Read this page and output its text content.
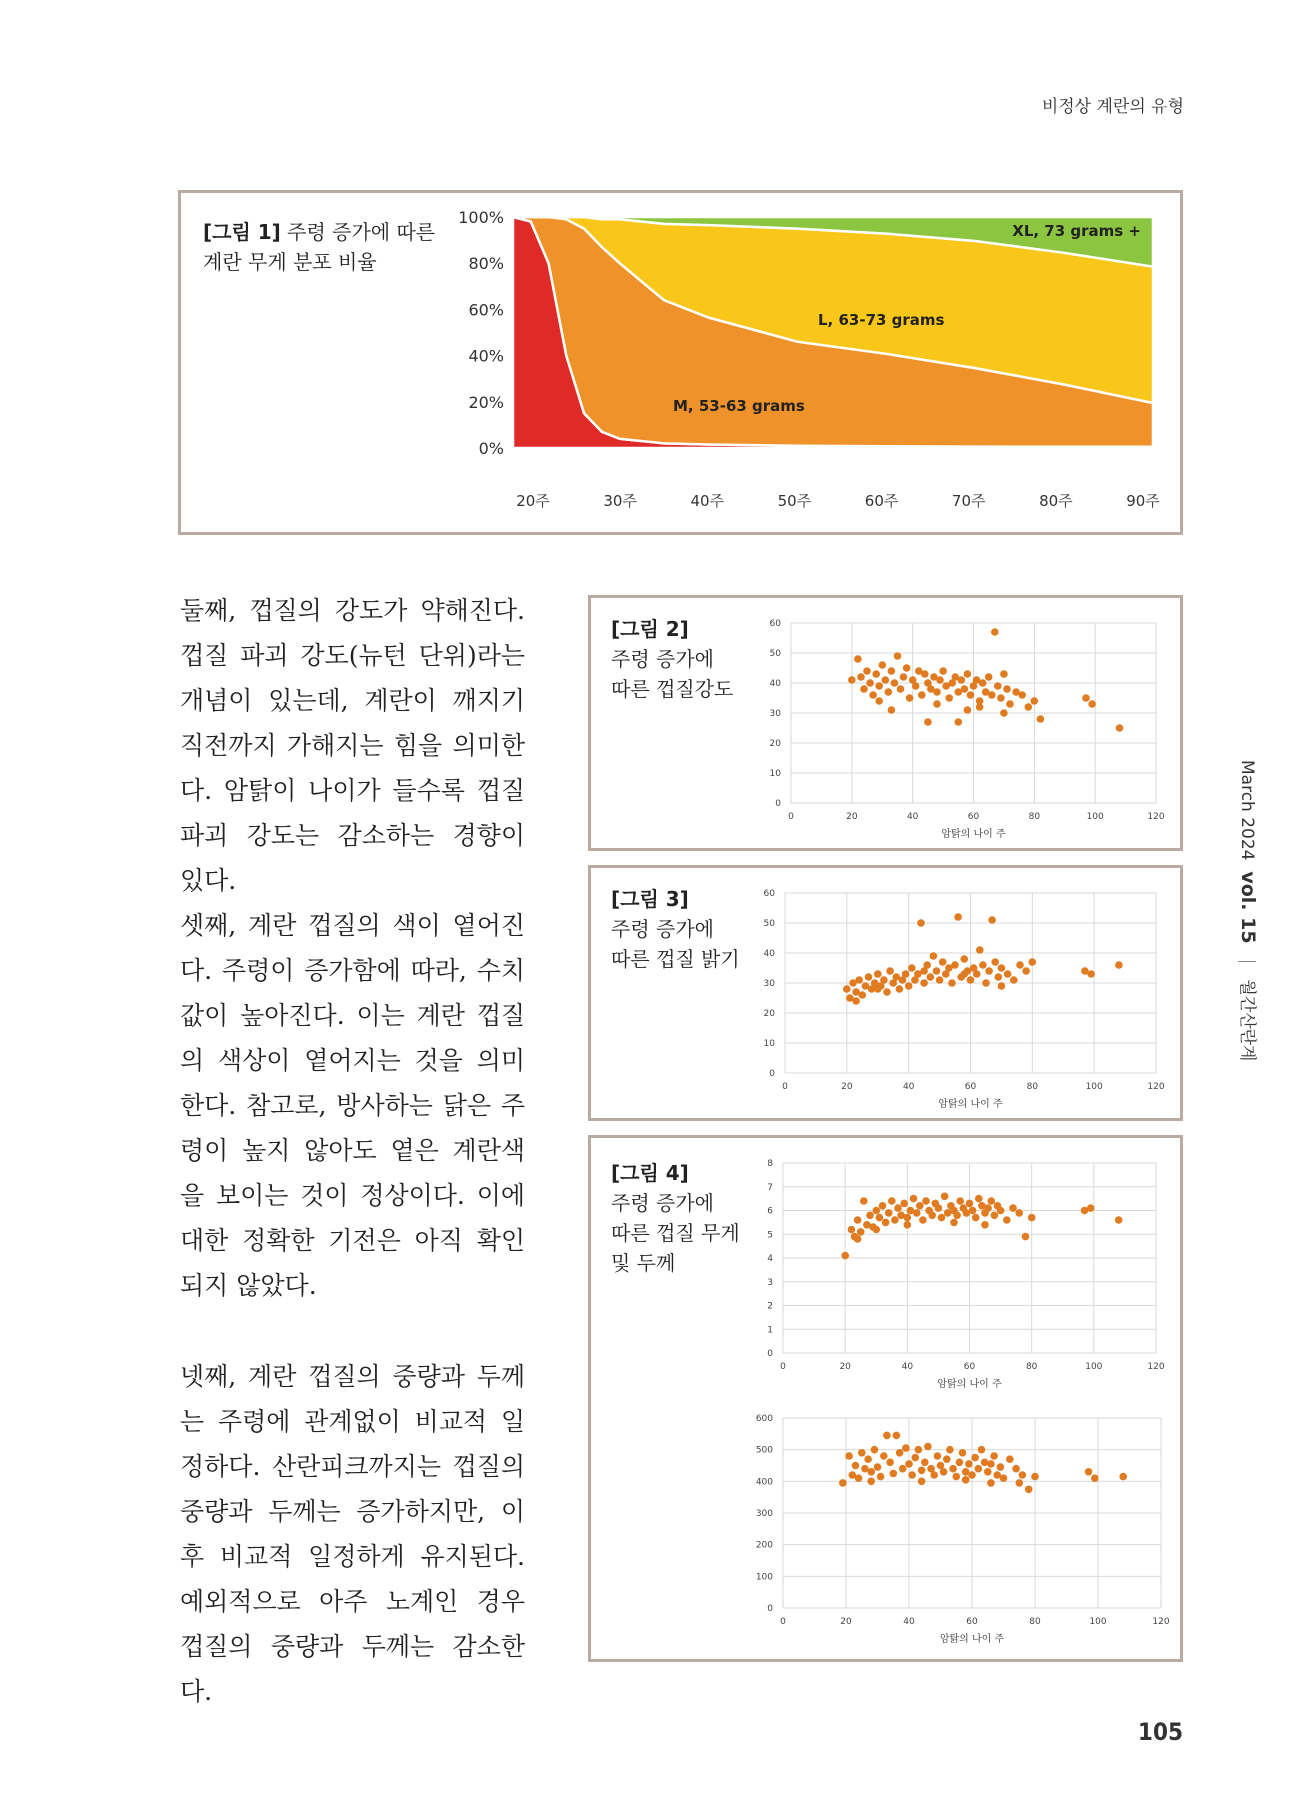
비정상 계란의 유형
March 2024  vol. 15  월간산란계
[그림 1] 주령 증가에 따른
계란 무게 분포 비율
100%
80%
60%
40%
20%
0%
20주	30주	40주	50주	60주	70주	80주	90주
S,
< 53 grams
M, 53-63 grams
L, 63-73 grams
XL, 73 grams +

둘째, 껍질의 강도가 약해진다. 껍질 파괴 강도(뉴턴 단위)라는 개념이 있는데, 계란이 깨지기 직전까지 가해지는 힘을 의미한다. 암탉이 나이가 들수록 껍질 파괴 강도는 감소하는 경향이 있다.

셋째, 계란 껍질의 색이 옅어진다. 주령이 증가함에 따라, 수치 값이 높아진다. 이는 계란 껍질의 색상이 옅어지는 것을 의미한다. 참고로, 방사하는 닭은 주령이 높지 않아도 옅은 계란색을 보이는 것이 정상이다. 이에 대한 정확한 기전은 아직 확인되지 않았다.

넷째, 계란 껍질의 중량과 두께는 주령에 관계없이 비교적 일정하다. 산란피크까지는 껍질의 중량과 두께는 증가하지만, 이후 비교적 일정하게 유지된다. 예외적으로 아주 노계인 경우 껍질의 중량과 두께는 감소한다.

[그림 2]
주령 증가에
따른 껍질강도
0	20	40	60	80	100	120
60
50
40
30
20
10
0
암탉의 나이 주
[그림 3]
주령 증가에
따른 껍질 밝기
0	20	40	60	80	100	120
60
50
40
30
20
10
0
암탉의 나이 주
[그림 4]
주령 증가에
따른 껍질 무게
및 두께
0	20	40	60	80	100	120
8
7
6
5
4
3
2
1
0
암탉의 나이 주
0	20	40	60	80	100	120
600
500
400
300
200
100
0
암탉의 나이 주
105
